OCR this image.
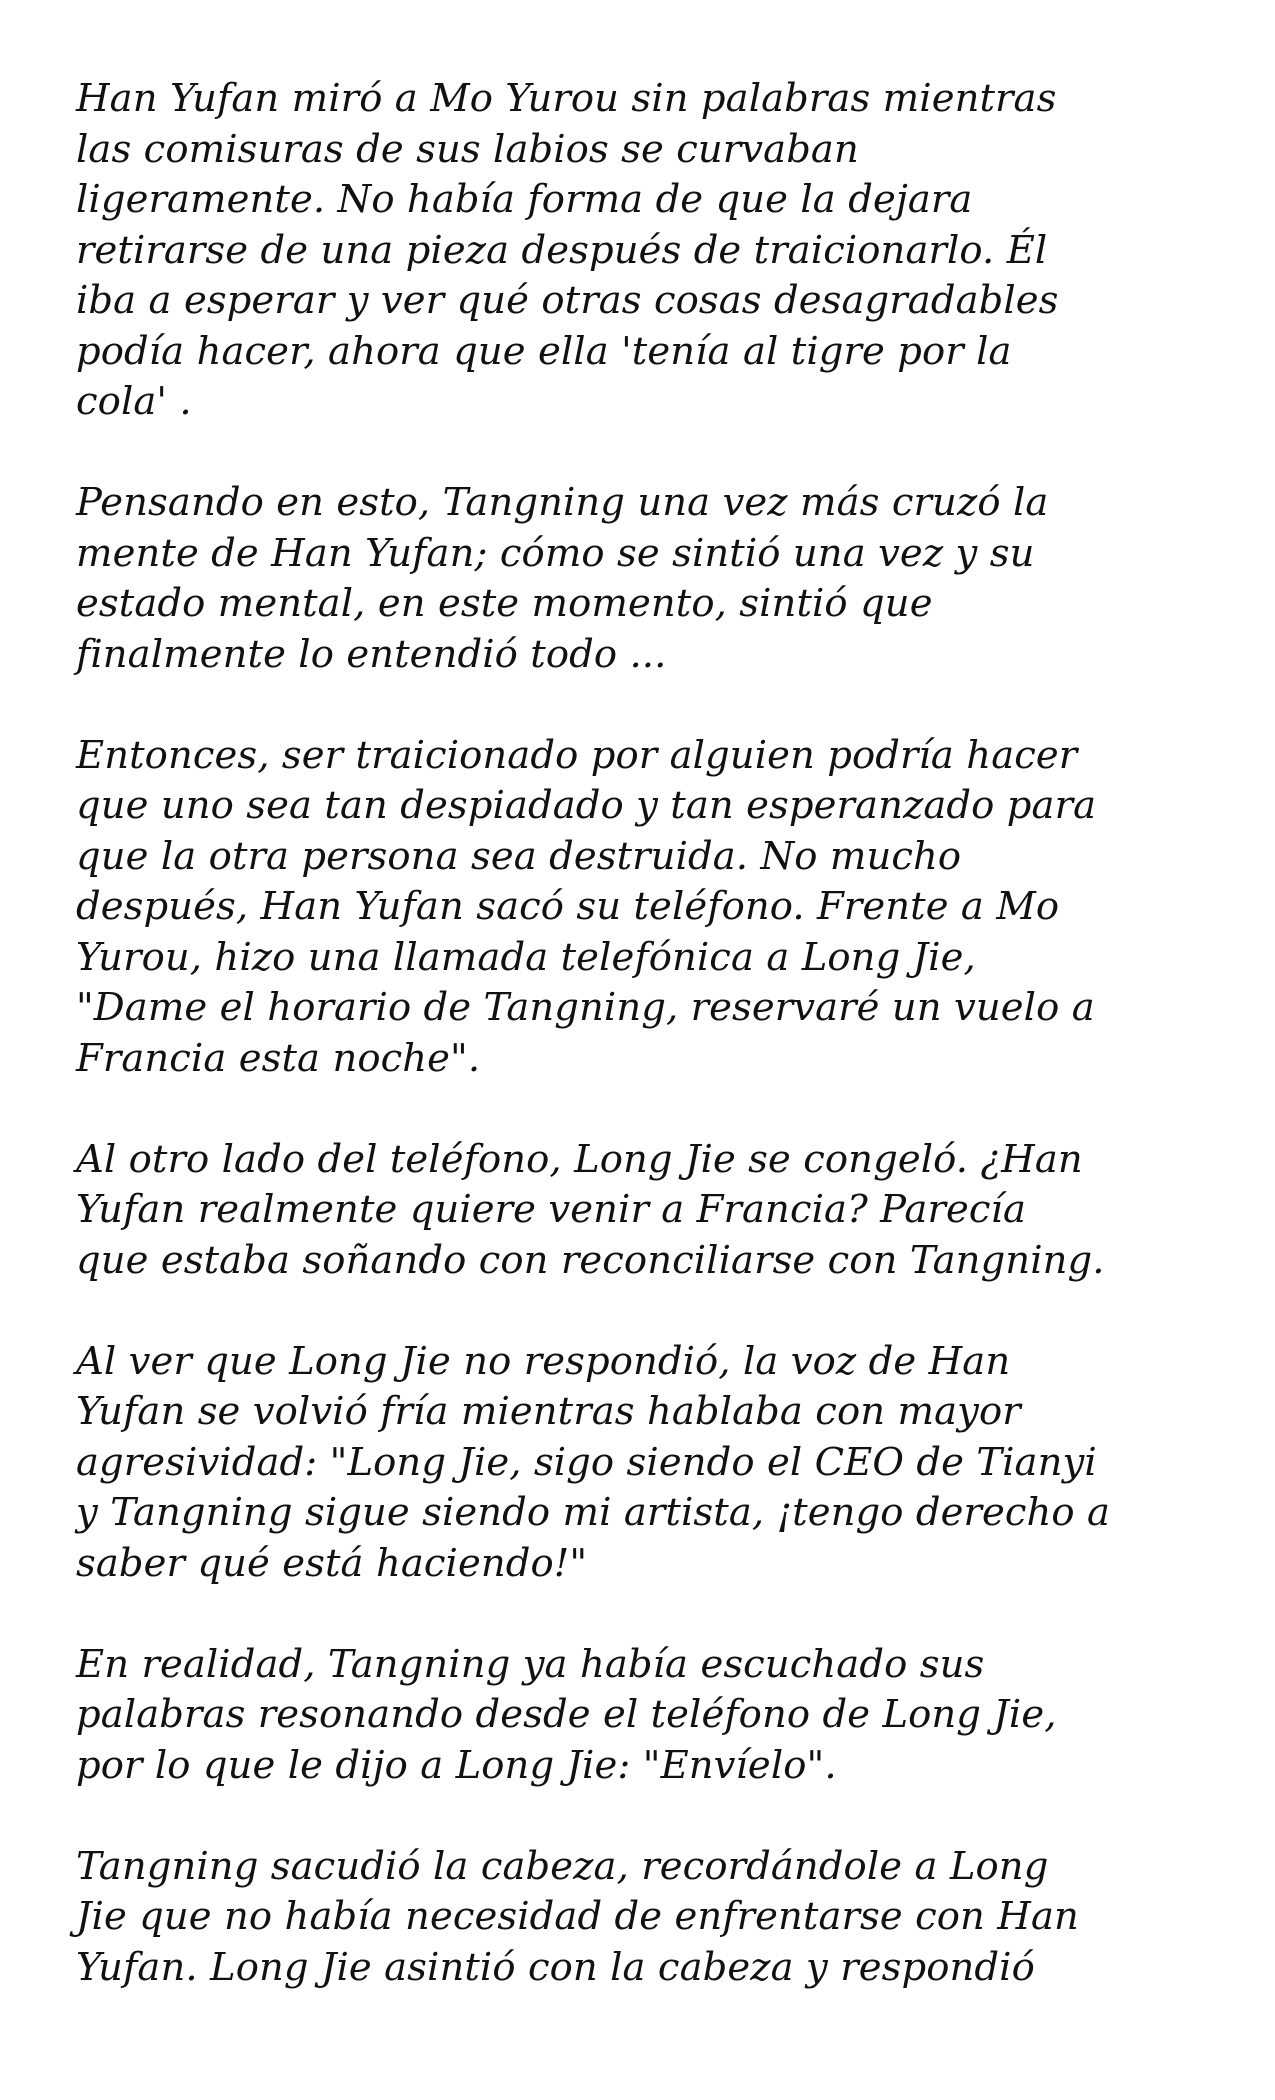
Han Yufan miró a Mo Yurou sin palabras mientras
las comisuras de sus labios se curvaban
ligeramente. No había forma de que la dejara
retirarse de una pieza después de traicionarlo. Él
iba a esperar y ver qué otras cosas desagradables
podía hacer, ahora que ella 'tenía al tigre por la
cola' .

Pensando en esto, Tangning una vez más cruzó la
mente de Han Yufan; cómo se sintió una vez y su
estado mental, en este momento, sintió que
finalmente lo entendió todo ...

Entonces, ser traicionado por alguien podría hacer
que uno sea tan despiadado y tan esperanzado para
que la otra persona sea destruida. No mucho
después, Han Yufan sacó su teléfono. Frente a Mo
Yurou, hizo una llamada telefónica a Long Jie,
"Dame el horario de Tangning, reservaré un vuelo a
Francia esta noche".

Al otro lado del teléfono, Long Jie se congeló. ¿Han
Yufan realmente quiere venir a Francia? Parecía
que estaba soñando con reconciliarse con Tangning.

Al ver que Long Jie no respondió, la voz de Han
Yufan se volvió fría mientras hablaba con mayor
agresividad: "Long Jie, sigo siendo el CEO de Tianyi
y Tangning sigue siendo mi artista, ¡tengo derecho a
saber qué está haciendo!"

En realidad, Tangning ya había escuchado sus
palabras resonando desde el teléfono de Long Jie,
por lo que le dijo a Long Jie: "Envíelo".

Tangning sacudió la cabeza, recordándole a Long
Jie que no había necesidad de enfrentarse con Han
Yufan. Long Jie asintió con la cabeza y respondió
